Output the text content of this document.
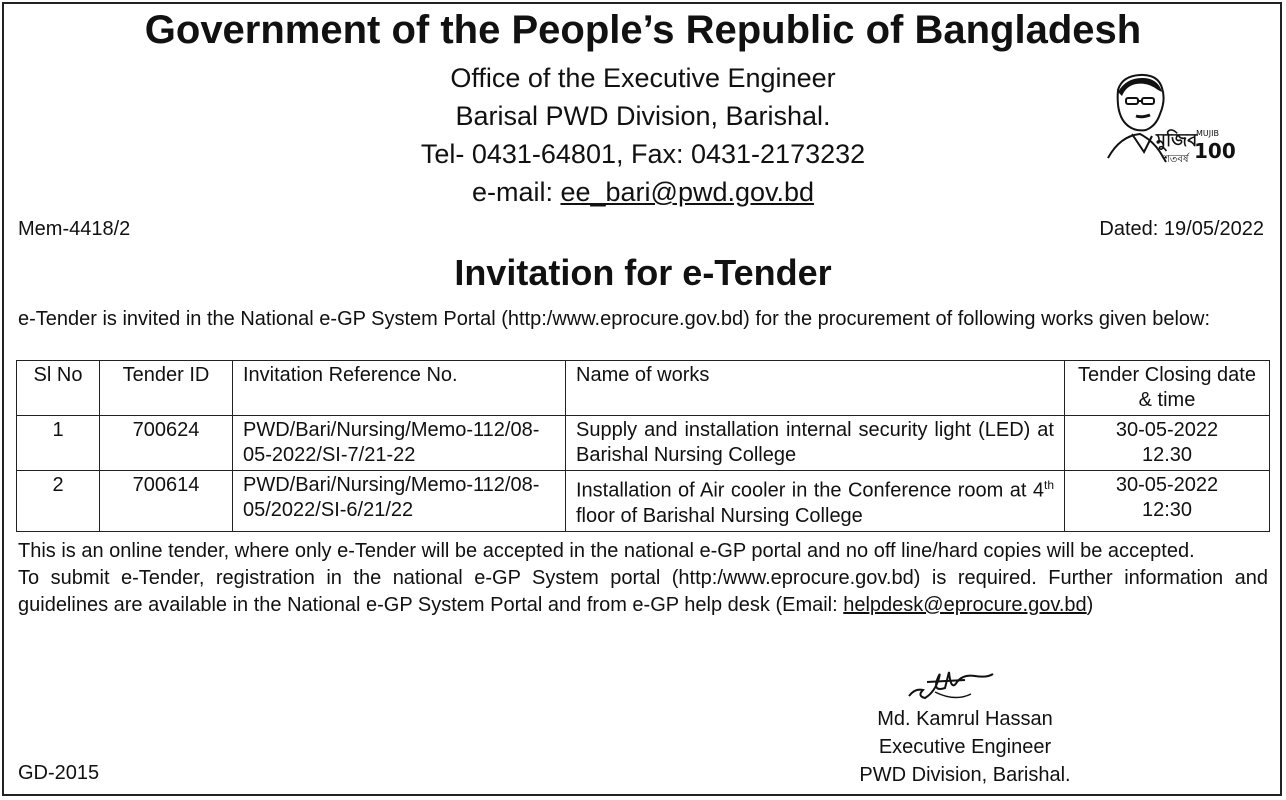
Government of the People’s Republic of Bangladesh
Office of the Executive Engineer
Barisal PWD Division, Barishal.
Tel- 0431-64801, Fax: 0431-2173232
e-mail: ee_bari@pwd.gov.bd
মুজিব
শতবর্ষ
MUJIB
100
Mem-4418/2	Dated: 19/05/2022
Invitation for e-Tender
e-Tender is invited in the National e-GP System Portal (http:/www.eprocure.gov.bd) for the procurement of following works given below:
Sl No	Tender ID	Invitation Reference No.	Name of works	Tender Closing date & time
1	700624	PWD/Bari/Nursing/Memo-112/08-05-2022/SI-7/21-22	Supply and installation internal security light (LED) at Barishal Nursing College	30-05-2022
12.30

2	700614	PWD/Bari/Nursing/Memo-112/08-05/2022/SI-6/21/22	Installation of Air cooler in the Conference room at 4th floor of Barishal Nursing College	30-05-2022
12:30

This is an online tender, where only e-Tender will be accepted in the national e-GP portal and no off line/hard copies will be accepted.

To submit e-Tender, registration in the national e-GP System portal (http:/www.eprocure.gov.bd) is required. Further information and guidelines are available in the National e-GP System Portal and from e-GP help desk (Email: helpdesk@eprocure.gov.bd)

Md. Kamrul Hassan
Executive Engineer
PWD Division, Barishal.
GD-2015
